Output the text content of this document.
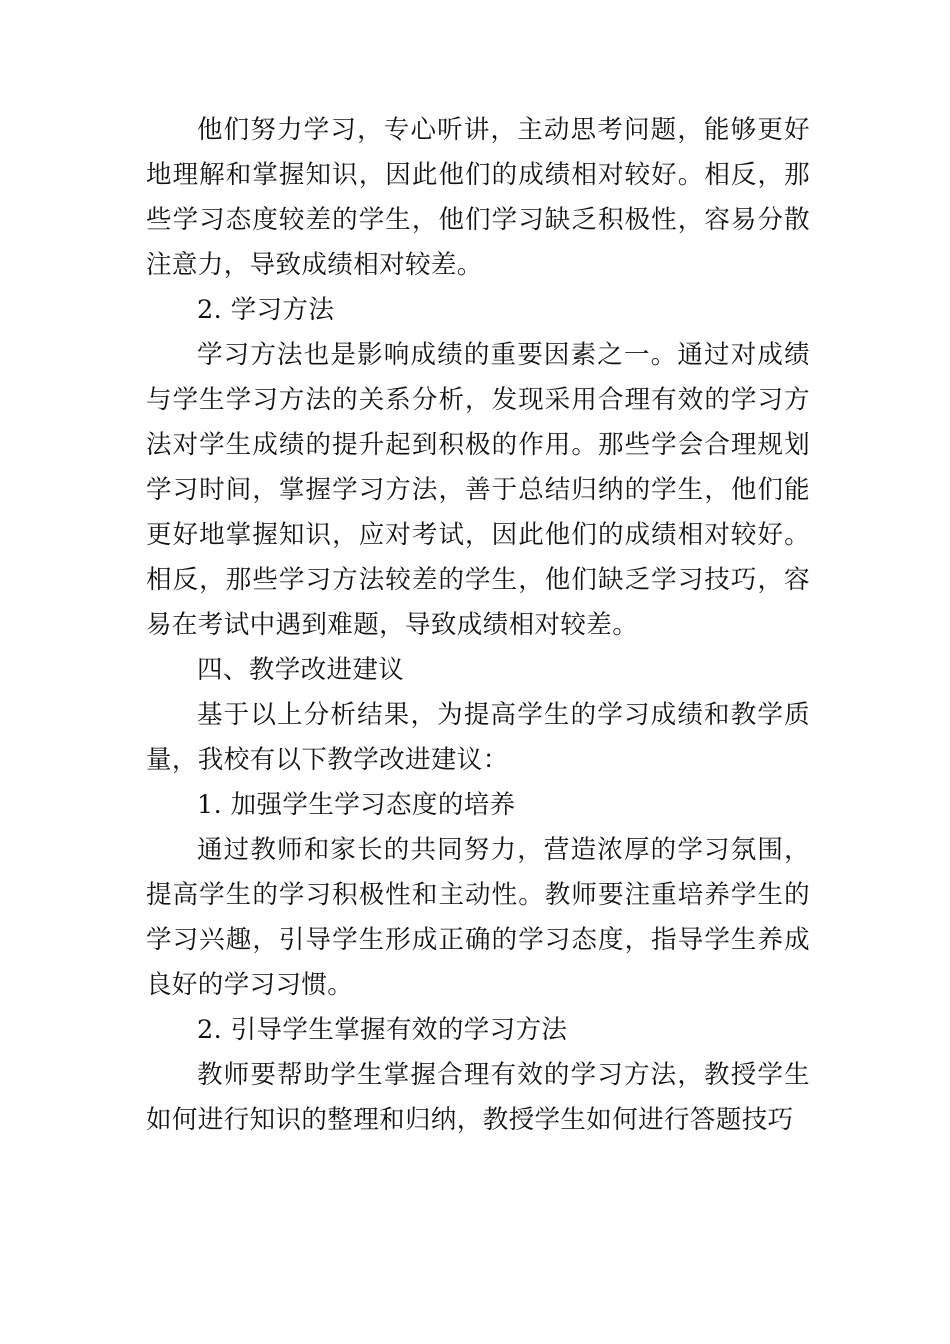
他们努力学习，专心听讲，主动思考问题，能够更好地理解和掌握知识，因此他们的成绩相对较好。相反，那些学习态度较差的学生，他们学习缺乏积极性，容易分散注意力，导致成绩相对较差。

2. 学习方法

学习方法也是影响成绩的重要因素之一。通过对成绩与学生学习方法的关系分析，发现采用合理有效的学习方法对学生成绩的提升起到积极的作用。那些学会合理规划学习时间，掌握学习方法，善于总结归纳的学生，他们能更好地掌握知识，应对考试，因此他们的成绩相对较好。相反，那些学习方法较差的学生，他们缺乏学习技巧，容易在考试中遇到难题，导致成绩相对较差。

四、教学改进建议

基于以上分析结果，为提高学生的学习成绩和教学质量，我校有以下教学改进建议：

1. 加强学生学习态度的培养

通过教师和家长的共同努力，营造浓厚的学习氛围，提高学生的学习积极性和主动性。教师要注重培养学生的学习兴趣，引导学生形成正确的学习态度，指导学生养成良好的学习习惯。

2. 引导学生掌握有效的学习方法

教师要帮助学生掌握合理有效的学习方法，教授学生如何进行知识的整理和归纳，教授学生如何进行答题技巧
